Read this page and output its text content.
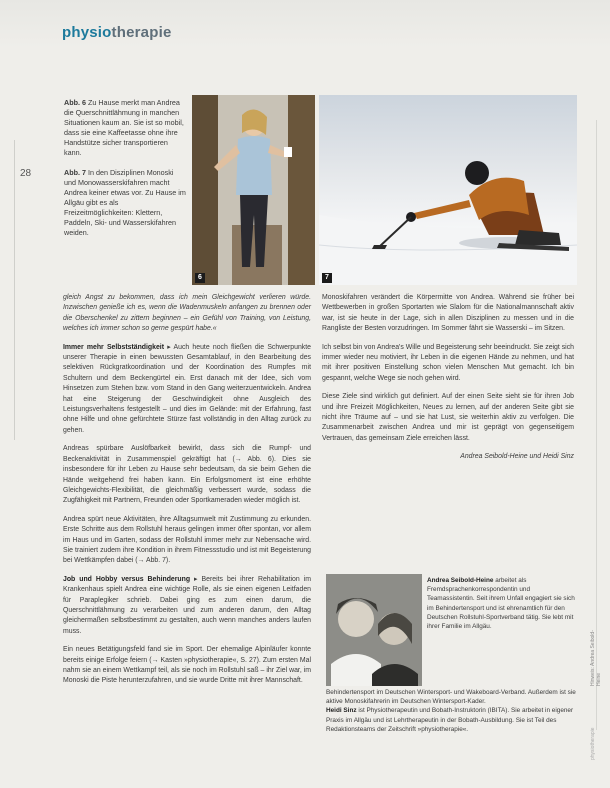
physiotherapie
28

Abb. 6 Zu Hause merkt man Andrea die Querschnittlähmung in manchen Situationen kaum an. Sie ist so mobil, dass sie eine Kaffeetasse ohne ihre Handstütze sicher transportieren kann.

Abb. 7 In den Disziplinen Monoski und Monowasserskifahren macht Andrea keiner etwas vor. Zu Hause im Allgäu gibt es als Freizeitmöglichkeiten: Klettern, Paddeln, Ski- und Wasserskifahren weiden.

6	7

gleich Angst zu bekommen, dass ich mein Gleichgewicht verlieren würde. Inzwischen genieße ich es, wenn die Wadenmuskeln anfangen zu brennen oder die Oberschenkel zu zittern beginnen – ein Gefühl von Training, von Leistung, welches ich immer schon so gerne gespürt habe.«

Immer mehr Selbstständigkeit ▸ Auch heute noch fließen die Schwerpunkte unserer Therapie in einen bewussten Gesamtablauf, in den Bearbeitung des selektiven Rückgratkoordination und der Koordination des Rumpfes mit Schultern und dem Beckengürtel ein. Erst danach mit der Idee, sich vom Hinsetzen zum Stehen bzw. vom Stand in den Gang weiterzuentwickeln. Andrea hat eine Steigerung der Geschwindigkeit ohne Ausgleich des Leistungsverhaltens festgestellt – und dies im Gelände: mit der Erfahrung, fast ohne Hilfe und ohne gefürchtete Stürze fast vollständig in den Alltag zurück zu gehen.

Andreas spürbare Auslöfbarkeit bewirkt, dass sich die Rumpf- und Beckenaktivität in Zusammenspiel gekräftigt hat (→ Abb. 6). Dies sie insbesondere für ihr Leben zu Hause sehr bedeutsam, da sie beim Gehen die Hände weitgehend frei haben kann. Ein Erfolgsmoment ist eine erhöhte Gleichgewichts-Flexibilität, die gleichmäßig verbessert wurde, sodass die Zugfähigkeit mit Partnern, Freunden oder Sportkameraden wieder möglich ist.

Andrea spürt neue Aktivitäten, ihre Alltagsumwelt mit Zustimmung zu erkunden. Erste Schritte aus dem Rollstuhl heraus gelingen immer öfter spontan, vor allem im Haus und im Garten, sodass der Rollstuhl immer mehr zur Nebensache wird. Sie trainiert zudem ihre Kondition in ihrem Fitnessstudio und ist mit Begeisterung bei Wettkämpfen dabei (→ Abb. 7).

Job und Hobby versus Behinderung ▸ Bereits bei ihrer Rehabilitation im Krankenhaus spielt Andrea eine wichtige Rolle, als sie einen eigenen Leitfaden für Paraplegiker schrieb. Dabei ging es zum einen darum, die Querschnittlähmung zu verarbeiten und zum anderen darum, den Alltag gleichermaßen selbstbestimmt zu gestalten, auch wenn manches anders laufen muss.

Ein neues Betätigungsfeld fand sie im Sport. Der ehemalige Alpinläufer konnte bereits einige Erfolge feiern (→ Kasten »physiotherapie«, S. 27). Zum ersten Mal nahm sie an einem Wettkampf teil, als sie noch im Rollstuhl saß – ihr Ziel war, im Monoski die Piste herunterzufahren, und sie wurde Dritte mit ihrer Mannschaft.

Monoskifahren verändert die Körpermitte von Andrea. Während sie früher bei Wettbewerben in großen Sportarten wie Slalom für die Nationalmannschaft aktiv war, ist sie heute in der Lage, sich in allen Disziplinen zu messen und in die Rangliste der Besten vorzudringen. Im Sommer fährt sie Wasserski – im Sitzen.

Ich selbst bin von Andrea's Wille und Begeisterung sehr beeindruckt. Sie zeigt sich immer wieder neu motiviert, ihr Leben in die eigenen Hände zu nehmen, und hat mit ihrer positiven Einstellung schon vielen Menschen Mut gemacht. Ich bin gespannt, welche Wege sie noch gehen wird.

Diese Ziele sind wirklich gut definiert. Auf der einen Seite sieht sie für ihren Job und ihre Freizeit Möglichkeiten, Neues zu lernen, auf der anderen Seite gibt sie nicht ihre Träume auf – und sie hat Lust, sie weiterhin aktiv zu verfolgen. Die Zusammenarbeit zwischen Andrea und mir ist geprägt von gegenseitigem Vertrauen, das gemeinsam Ziele erreichen lässt.

Andrea Seibold-Heine und Heidi Sinz

Andrea Seibold-Heine arbeitet als Fremdsprachenkorrespondentin und Teamassistentin. Seit ihrem Unfall engagiert sie sich im Behindertensport und ist ehrenamtlich für den Deutschen Rollstuhl-Sportverband tätig. Sie lebt mit ihrer Familie im Allgäu.
Behindertensport im Deutschen Wintersport- und Wakeboard-Verband. Außerdem ist sie aktive Monoskifahrerin im Deutschen Wintersport-Kader.
Heidi Sinz ist Physiotherapeutin und Bobath-Instruktorin (IBITA). Sie arbeitet in eigener Praxis im Allgäu und ist Lehrtherapeutin in der Bobath-Ausbildung. Sie ist Teil des Redaktionsteams der Zeitschrift »physiotherapie«.
Hinweis: Andrea Seibold-Heine
physiotherapie
